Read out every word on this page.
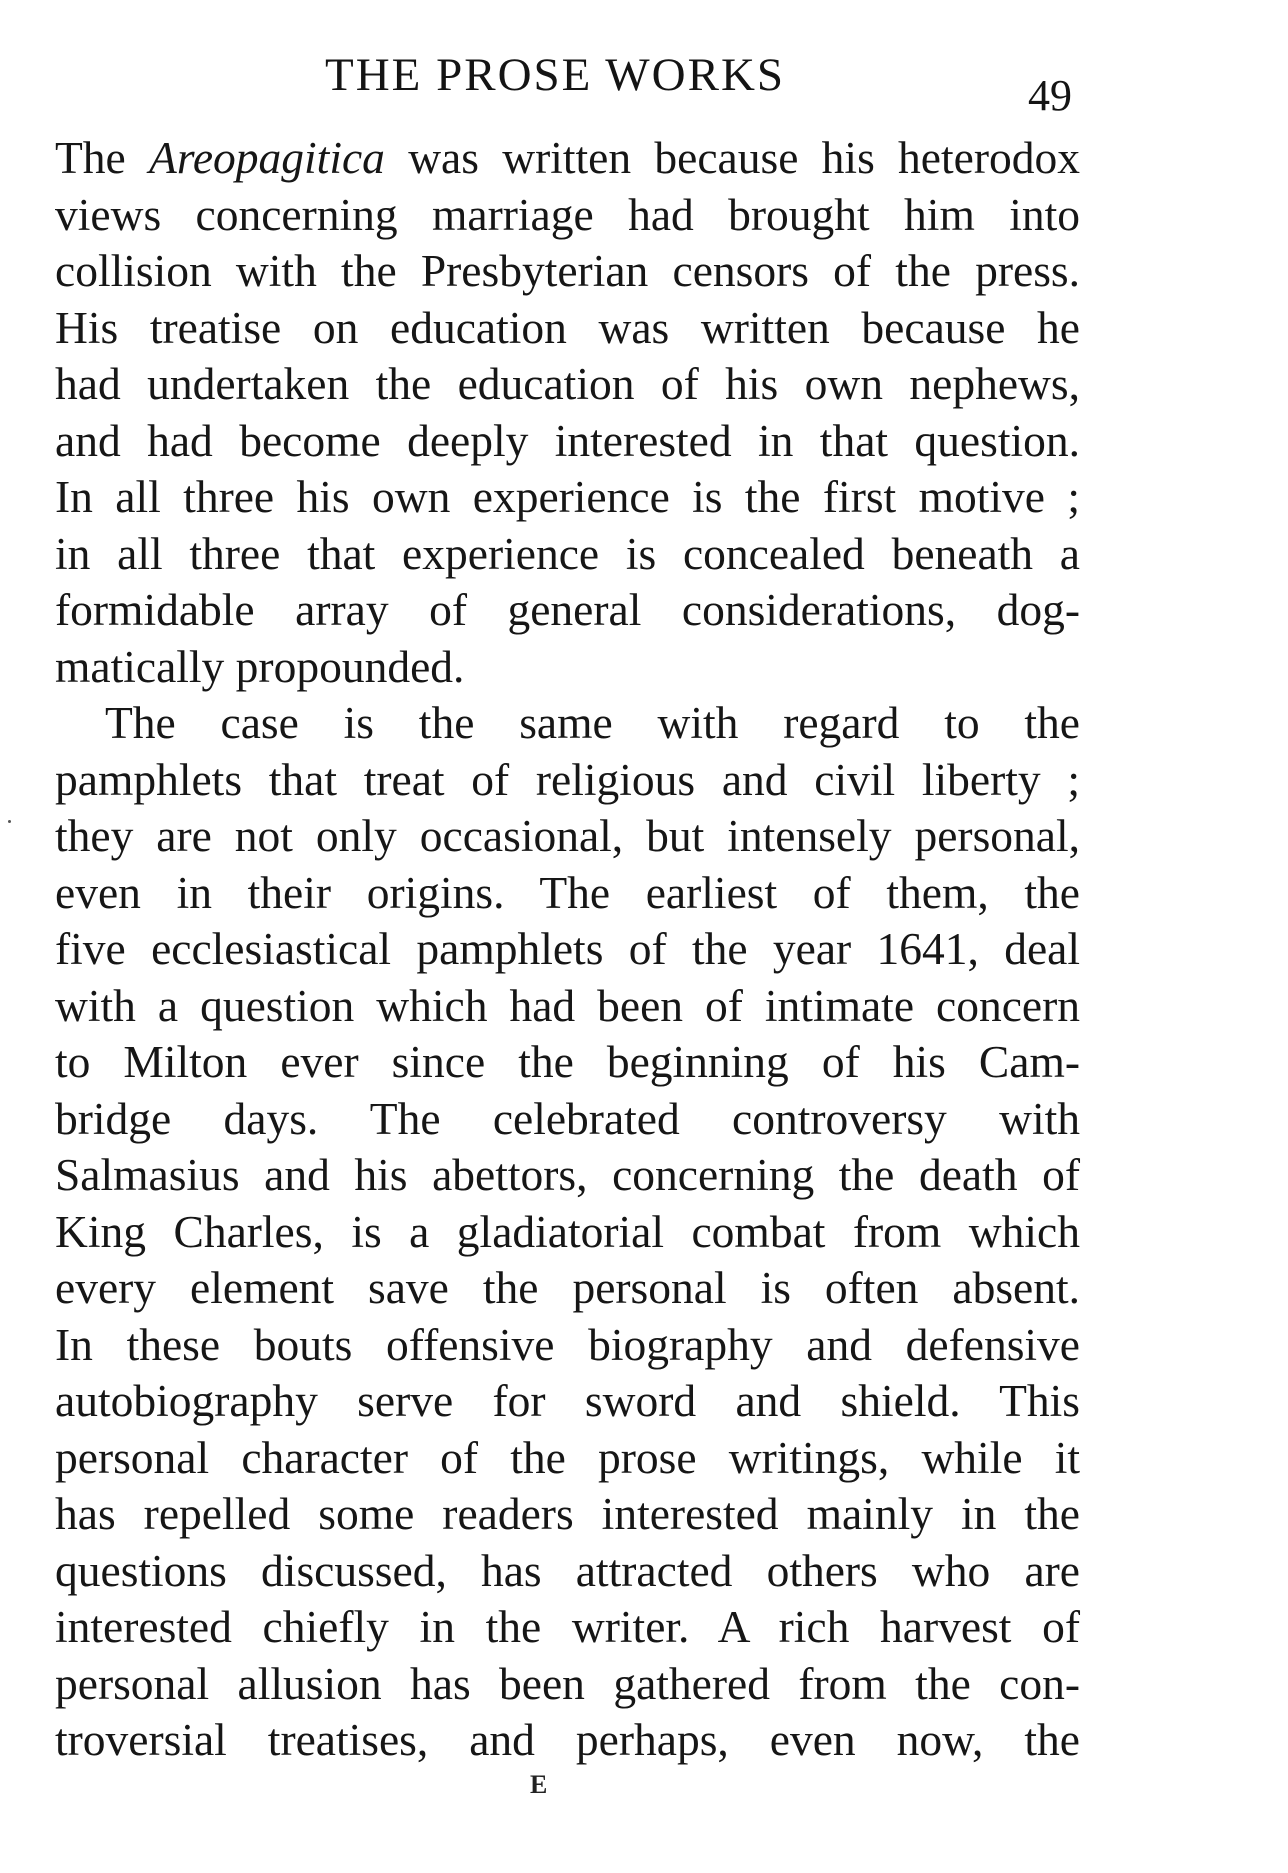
THE PROSE WORKS	49
The Areopagitica was written because his heterodox
views concerning marriage had brought him into
collision with the Presbyterian censors of the press.
His treatise on education was written because he
had undertaken the education of his own nephews,
and had become deeply interested in that question.
In all three his own experience is the first motive ;
in all three that experience is concealed beneath a
formidable array of general considerations, dog-
matically propounded.
The case is the same with regard to the
pamphlets that treat of religious and civil liberty ;
they are not only occasional, but intensely personal,
even in their origins. The earliest of them, the
five ecclesiastical pamphlets of the year 1641, deal
with a question which had been of intimate concern
to Milton ever since the beginning of his Cam-
bridge days. The celebrated controversy with
Salmasius and his abettors, concerning the death of
King Charles, is a gladiatorial combat from which
every element save the personal is often absent.
In these bouts offensive biography and defensive
autobiography serve for sword and shield. This
personal character of the prose writings, while it
has repelled some readers interested mainly in the
questions discussed, has attracted others who are
interested chiefly in the writer. A rich harvest of
personal allusion has been gathered from the con-
troversial treatises, and perhaps, even now, the
E
